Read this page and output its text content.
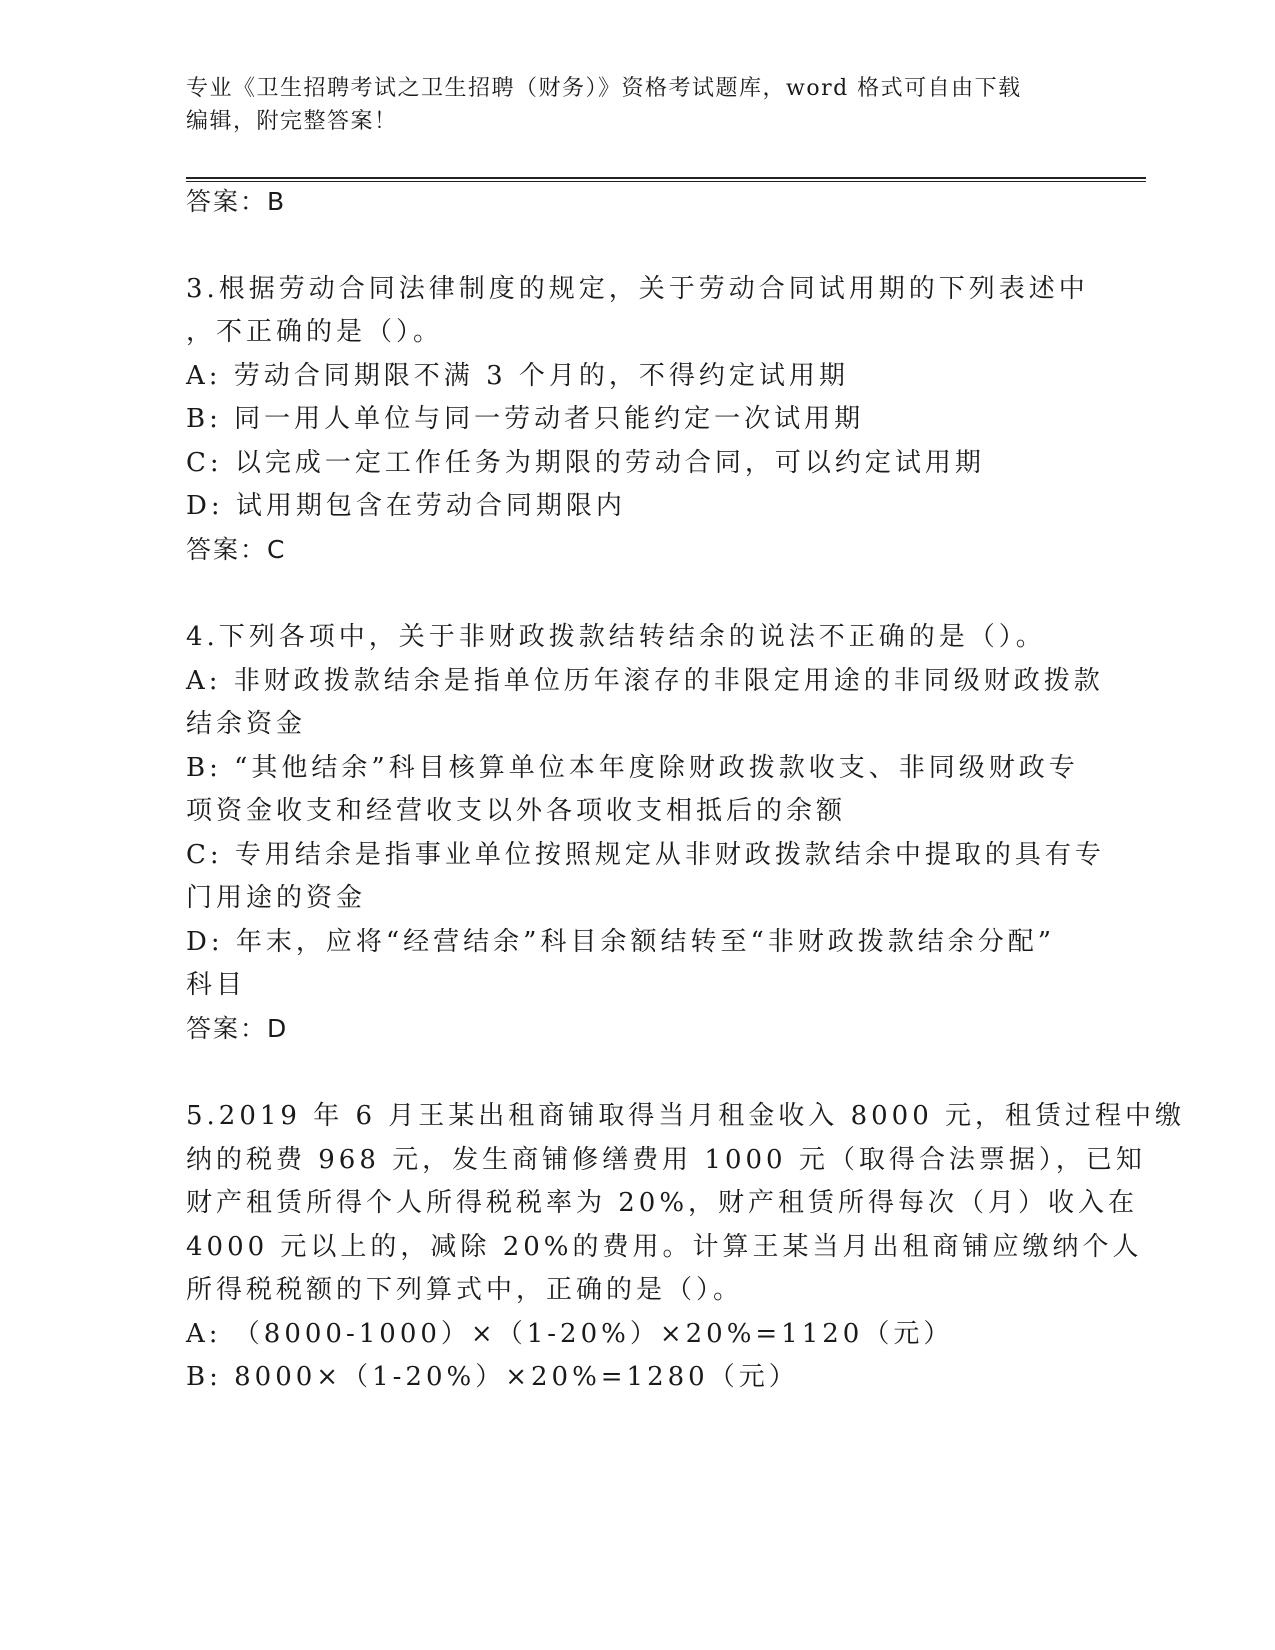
专业《卫生招聘考试之卫生招聘（财务）》资格考试题库，word 格式可自由下载
编辑，附完整答案！
答案：B
3.根据劳动合同法律制度的规定，关于劳动合同试用期的下列表述中
，不正确的是（）。
A: 劳动合同期限不满 3 个月的，不得约定试用期
B: 同一用人单位与同一劳动者只能约定一次试用期
C: 以完成一定工作任务为期限的劳动合同，可以约定试用期
D: 试用期包含在劳动合同期限内
答案：C
4.下列各项中，关于非财政拨款结转结余的说法不正确的是（）。
A: 非财政拨款结余是指单位历年滚存的非限定用途的非同级财政拨款
结余资金
B: “其他结余”科目核算单位本年度除财政拨款收支、非同级财政专
项资金收支和经营收支以外各项收支相抵后的余额
C: 专用结余是指事业单位按照规定从非财政拨款结余中提取的具有专
门用途的资金
D: 年末，应将“经营结余”科目余额结转至“非财政拨款结余分配”
科目
答案：D
5.2019 年 6 月王某出租商铺取得当月租金收入 8000 元，租赁过程中缴
纳的税费 968 元，发生商铺修缮费用 1000 元（取得合法票据），已知
财产租赁所得个人所得税税率为 20%，财产租赁所得每次（月）收入在
4000 元以上的，减除 20%的费用。计算王某当月出租商铺应缴纳个人
所得税税额的下列算式中，正确的是（）。
A: （8000-1000）×（1-20%）×20%=1120（元）
B: 8000×（1-20%）×20%=1280（元）
